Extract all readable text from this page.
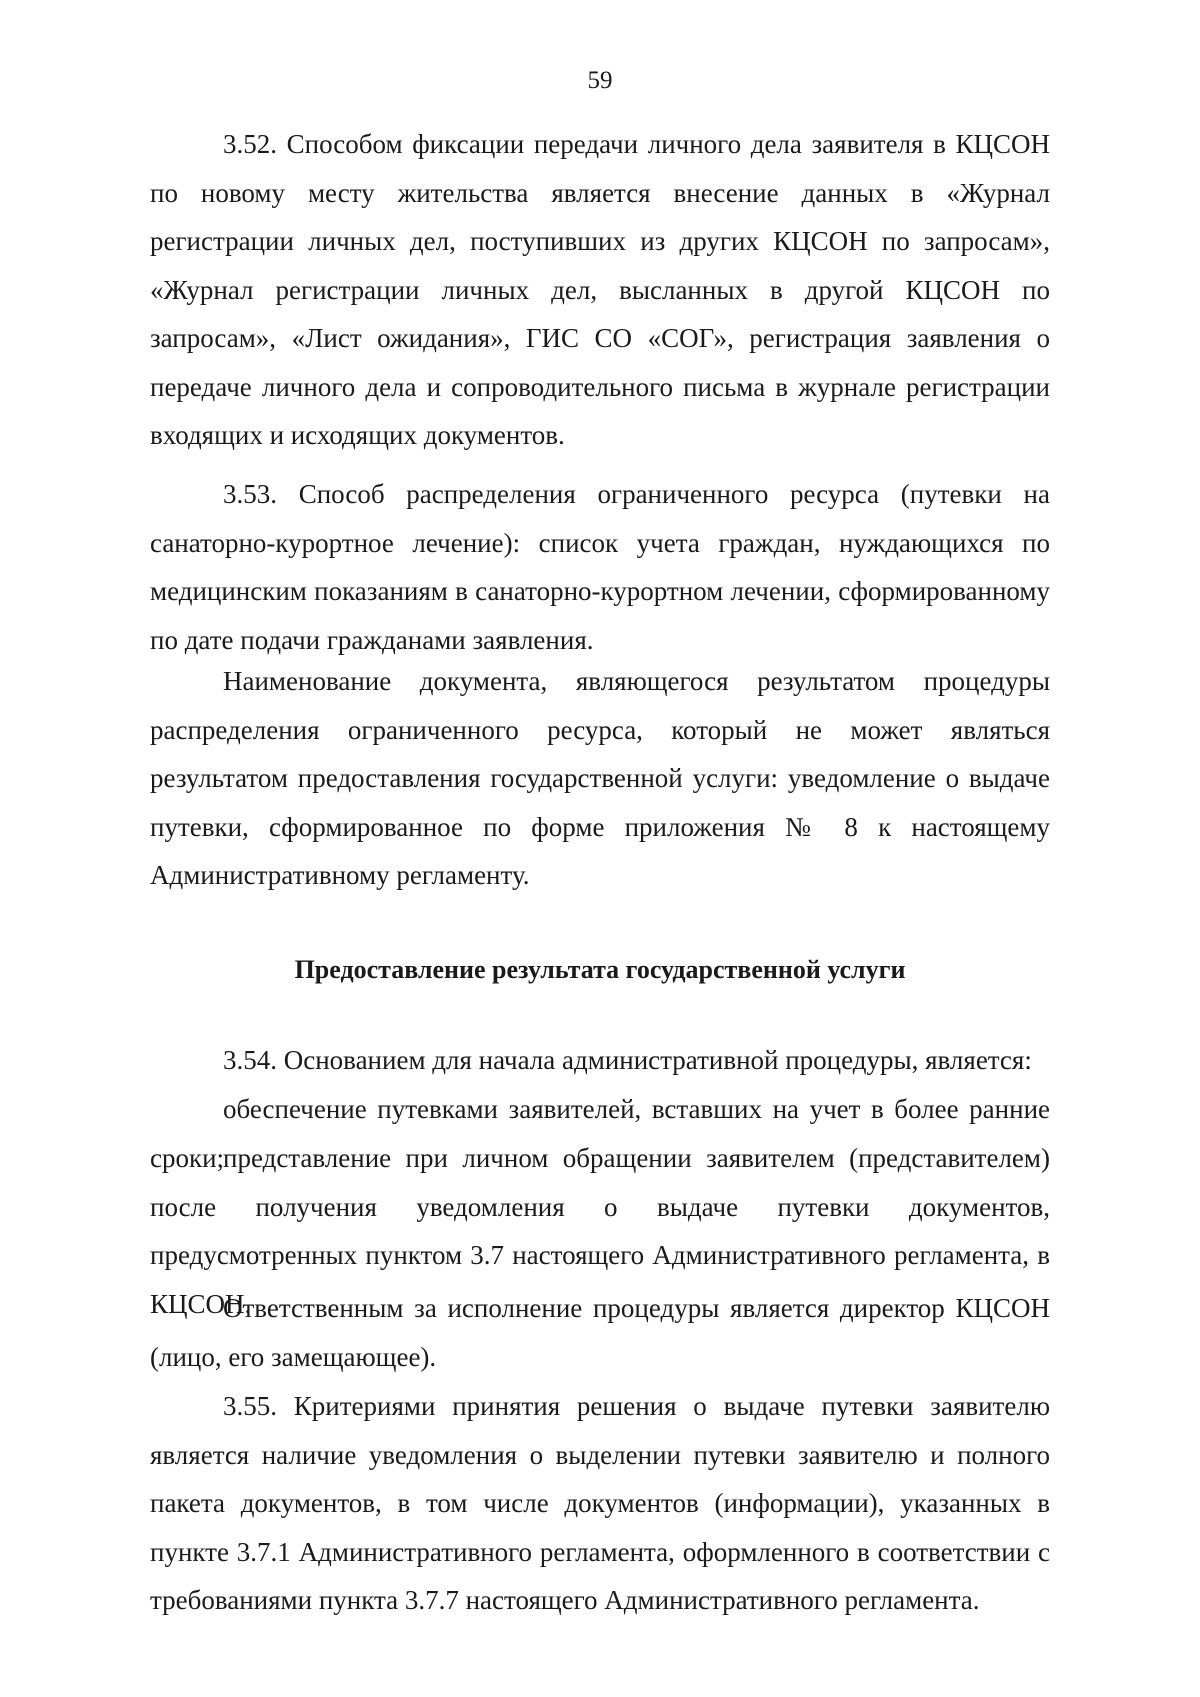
59

3.52. Способом фиксации передачи личного дела заявителя в КЦСОН по новому месту жительства является внесение данных в «Журнал регистрации личных дел, поступивших из других КЦСОН по запросам», «Журнал регистрации личных дел, высланных в другой КЦСОН по запросам», «Лист ожидания», ГИС СО «СОГ», регистрация заявления о передаче личного дела и сопроводительного письма в журнале регистрации входящих и исходящих документов.

3.53. Способ распределения ограниченного ресурса (путевки на санаторно-курортное лечение): список учета граждан, нуждающихся по медицинским показаниям в санаторно-курортном лечении, сформированному по дате подачи гражданами заявления.

Наименование документа, являющегося результатом процедуры распределения ограниченного ресурса, который не может являться результатом предоставления государственной услуги: уведомление о выдаче путевки, сформированное по форме приложения № 8 к настоящему Административному регламенту.

Предоставление результата государственной услуги

3.54. Основанием для начала административной процедуры, является:

обеспечение путевками заявителей, вставших на учет в более ранние сроки;

представление при личном обращении заявителем (представителем) после получения уведомления о выдаче путевки документов, предусмотренных пунктом 3.7 настоящего Административного регламента, в КЦСОН.

Ответственным за исполнение процедуры является директор КЦСОН (лицо, его замещающее).

3.55. Критериями принятия решения о выдаче путевки заявителю является наличие уведомления о выделении путевки заявителю и полного пакета документов, в том числе документов (информации), указанных в пункте 3.7.1 Административного регламента, оформленного в соответствии с требованиями пункта 3.7.7 настоящего Административного регламента.
